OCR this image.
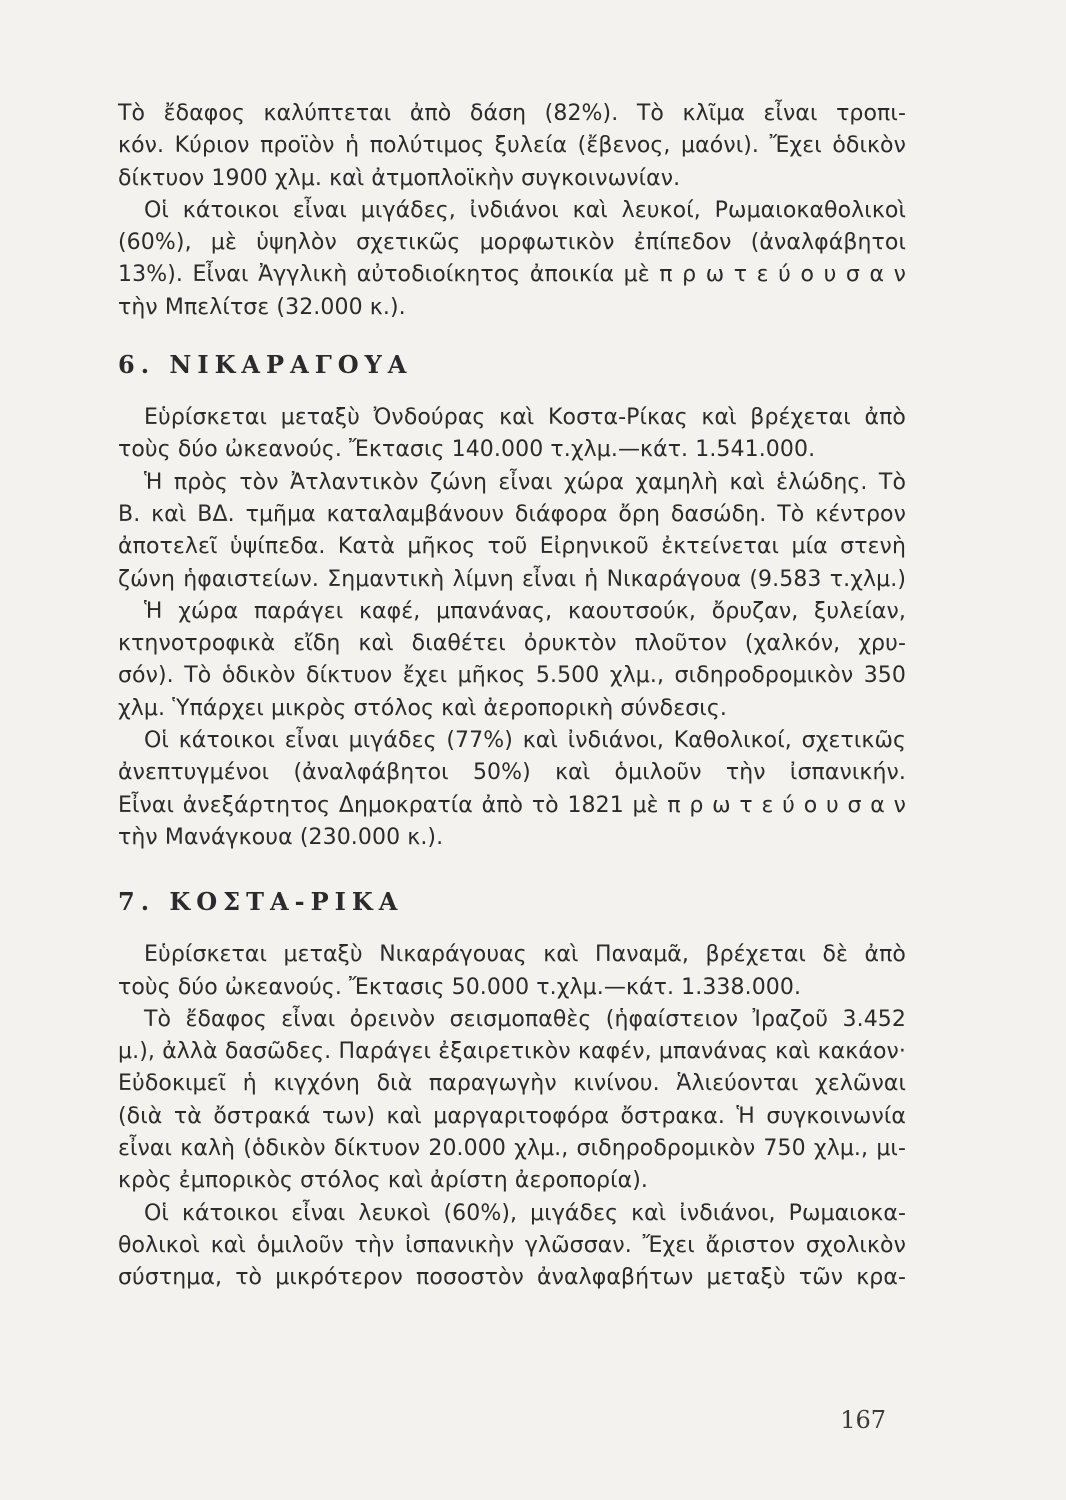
Τὸ ἔδαφος καλύπτεται ἀπὸ δάση (82%). Τὸ κλῖμα εἶναι τροπι-
κόν. Κύριον προϊὸν ἡ πολύτιμος ξυλεία (ἔβενος, μαόνι). Ἔχει ὁδικὸν
δίκτυον 1900 χλμ. καὶ ἀτμοπλοϊκὴν συγκοινωνίαν.
Οἱ κάτοικοι εἶναι μιγάδες, ἰνδιάνοι καὶ λευκοί, Ρωμαιοκαθολικοὶ
(60%), μὲ ὑψηλὸν σχετικῶς μορφωτικὸν ἐπίπεδον (ἀναλφάβητοι
13%). Εἶναι Ἀγγλικὴ αὐτοδιοίκητος ἀποικία μὲ π ρ ω τ ε ύ ο υ σ α ν
τὴν Μπελίτσε (32.000 κ.).
6. ΝΙΚΑΡΑΓΟΥΑ
Εὑρίσκεται μεταξὺ Ὀνδούρας καὶ Κοστα-Ρίκας καὶ βρέχεται ἀπὸ
τοὺς δύο ὠκεανούς. Ἔκτασις 140.000 τ.χλμ.—κάτ. 1.541.000.
Ἡ πρὸς τὸν Ἀτλαντικὸν ζώνη εἶναι χώρα χαμηλὴ καὶ ἑλώδης. Τὸ
Β. καὶ ΒΔ. τμῆμα καταλαμβάνουν διάφορα ὄρη δασώδη. Τὸ κέντρον
ἀποτελεῖ ὑψίπεδα. Κατὰ μῆκος τοῦ Εἰρηνικοῦ ἐκτείνεται μία στενὴ
ζώνη ἡφαιστείων. Σημαντικὴ λίμνη εἶναι ἡ Νικαράγουα (9.583 τ.χλμ.)
Ἡ χώρα παράγει καφέ, μπανάνας, καουτσούκ, ὄρυζαν, ξυλείαν,
κτηνοτροφικὰ εἴδη καὶ διαθέτει ὀρυκτὸν πλοῦτον (χαλκόν, χρυ-
σόν). Τὸ ὁδικὸν δίκτυον ἔχει μῆκος 5.500 χλμ., σιδηροδρομικὸν 350
χλμ. Ὑπάρχει μικρὸς στόλος καὶ ἀεροπορικὴ σύνδεσις.
Οἱ κάτοικοι εἶναι μιγάδες (77%) καὶ ἰνδιάνοι, Καθολικοί, σχετικῶς
ἀνεπτυγμένοι (ἀναλφάβητοι 50%) καὶ ὁμιλοῦν τὴν ἰσπανικήν.
Εἶναι ἀνεξάρτητος Δημοκρατία ἀπὸ τὸ 1821 μὲ π ρ ω τ ε ύ ο υ σ α ν
τὴν Μανάγκουα (230.000 κ.).
7. ΚΟΣΤΑ-ΡΙΚΑ
Εὑρίσκεται μεταξὺ Νικαράγουας καὶ Παναμᾶ, βρέχεται δὲ ἀπὸ
τοὺς δύο ὠκεανούς. Ἔκτασις 50.000 τ.χλμ.—κάτ. 1.338.000.
Τὸ ἔδαφος εἶναι ὀρεινὸν σεισμοπαθὲς (ἡφαίστειον Ἰραζοῦ 3.452
μ.), ἀλλὰ δασῶδες. Παράγει ἐξαιρετικὸν καφέν, μπανάνας καὶ κακάον·
Εὐδοκιμεῖ ἡ κιγχόνη διὰ παραγωγὴν κινίνου. Ἁλιεύονται χελῶναι
(διὰ τὰ ὄστρακά των) καὶ μαργαριτοφόρα ὄστρακα. Ἡ συγκοινωνία
εἶναι καλὴ (ὁδικὸν δίκτυον 20.000 χλμ., σιδηροδρομικὸν 750 χλμ., μι-
κρὸς ἐμπορικὸς στόλος καὶ ἀρίστη ἀεροπορία).
Οἱ κάτοικοι εἶναι λευκοὶ (60%), μιγάδες καὶ ἰνδιάνοι, Ρωμαιοκα-
θολικοὶ καὶ ὁμιλοῦν τὴν ἰσπανικὴν γλῶσσαν. Ἔχει ἄριστον σχολικὸν
σύστημα, τὸ μικρότερον ποσοστὸν ἀναλφαβήτων μεταξὺ τῶν κρα-
167
